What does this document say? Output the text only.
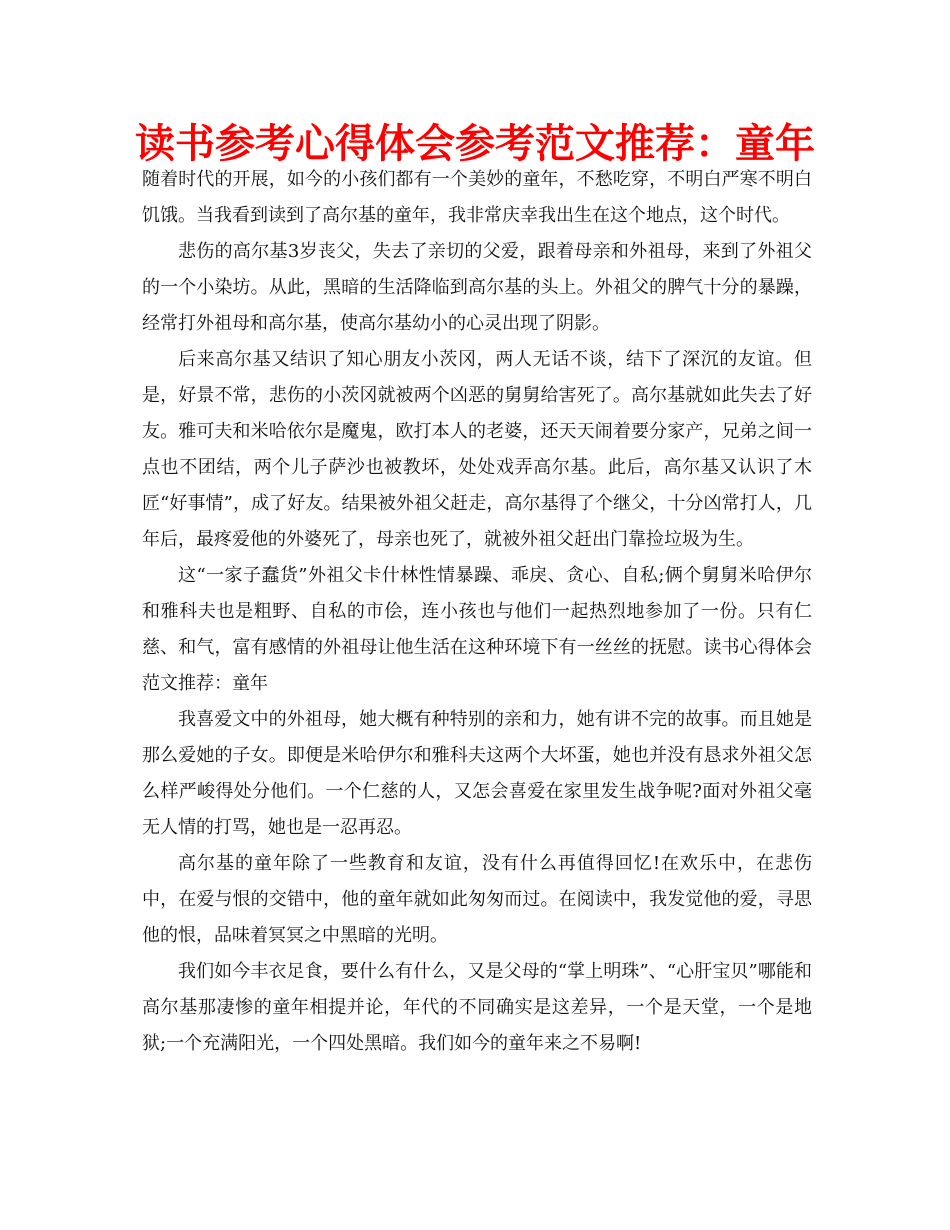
读书参考心得体会参考范文推荐：童年

随着时代的开展，如今的小孩们都有一个美妙的童年，不愁吃穿，不明白严寒不明白饥饿。当我看到读到了高尔基的童年，我非常庆幸我出生在这个地点，这个时代。

悲伤的高尔基3岁丧父，失去了亲切的父爱，跟着母亲和外祖母，来到了外祖父的一个小染坊。从此，黑暗的生活降临到高尔基的头上。外祖父的脾气十分的暴躁，经常打外祖母和高尔基，使高尔基幼小的心灵出现了阴影。

后来高尔基又结识了知心朋友小茨冈，两人无话不谈，结下了深沉的友谊。但是，好景不常，悲伤的小茨冈就被两个凶恶的舅舅给害死了。高尔基就如此失去了好友。雅可夫和米哈依尔是魔鬼，欧打本人的老婆，还天天闹着要分家产，兄弟之间一点也不团结，两个儿子萨沙也被教坏，处处戏弄高尔基。此后，高尔基又认识了木匠“好事情”，成了好友。结果被外祖父赶走，高尔基得了个继父，十分凶常打人，几年后，最疼爱他的外婆死了，母亲也死了，就被外祖父赶出门靠捡垃圾为生。

这“一家子蠢货”外祖父卡什林性情暴躁、乖戾、贪心、自私;俩个舅舅米哈伊尔和雅科夫也是粗野、自私的市侩，连小孩也与他们一起热烈地参加了一份。只有仁慈、和气，富有感情的外祖母让他生活在这种环境下有一丝丝的抚慰。读书心得体会范文推荐：童年

我喜爱文中的外祖母，她大概有种特别的亲和力，她有讲不完的故事。而且她是那么爱她的子女。即便是米哈伊尔和雅科夫这两个大坏蛋，她也并没有恳求外祖父怎么样严峻得处分他们。一个仁慈的人，又怎会喜爱在家里发生战争呢?面对外祖父毫无人情的打骂，她也是一忍再忍。

高尔基的童年除了一些教育和友谊，没有什么再值得回忆!在欢乐中，在悲伤中，在爱与恨的交错中，他的童年就如此匆匆而过。在阅读中，我发觉他的爱，寻思他的恨，品味着冥冥之中黑暗的光明。

我们如今丰衣足食，要什么有什么，又是父母的“掌上明珠”、“心肝宝贝”哪能和高尔基那凄惨的童年相提并论，年代的不同确实是这差异，一个是天堂，一个是地狱;一个充满阳光，一个四处黑暗。我们如今的童年来之不易啊!
